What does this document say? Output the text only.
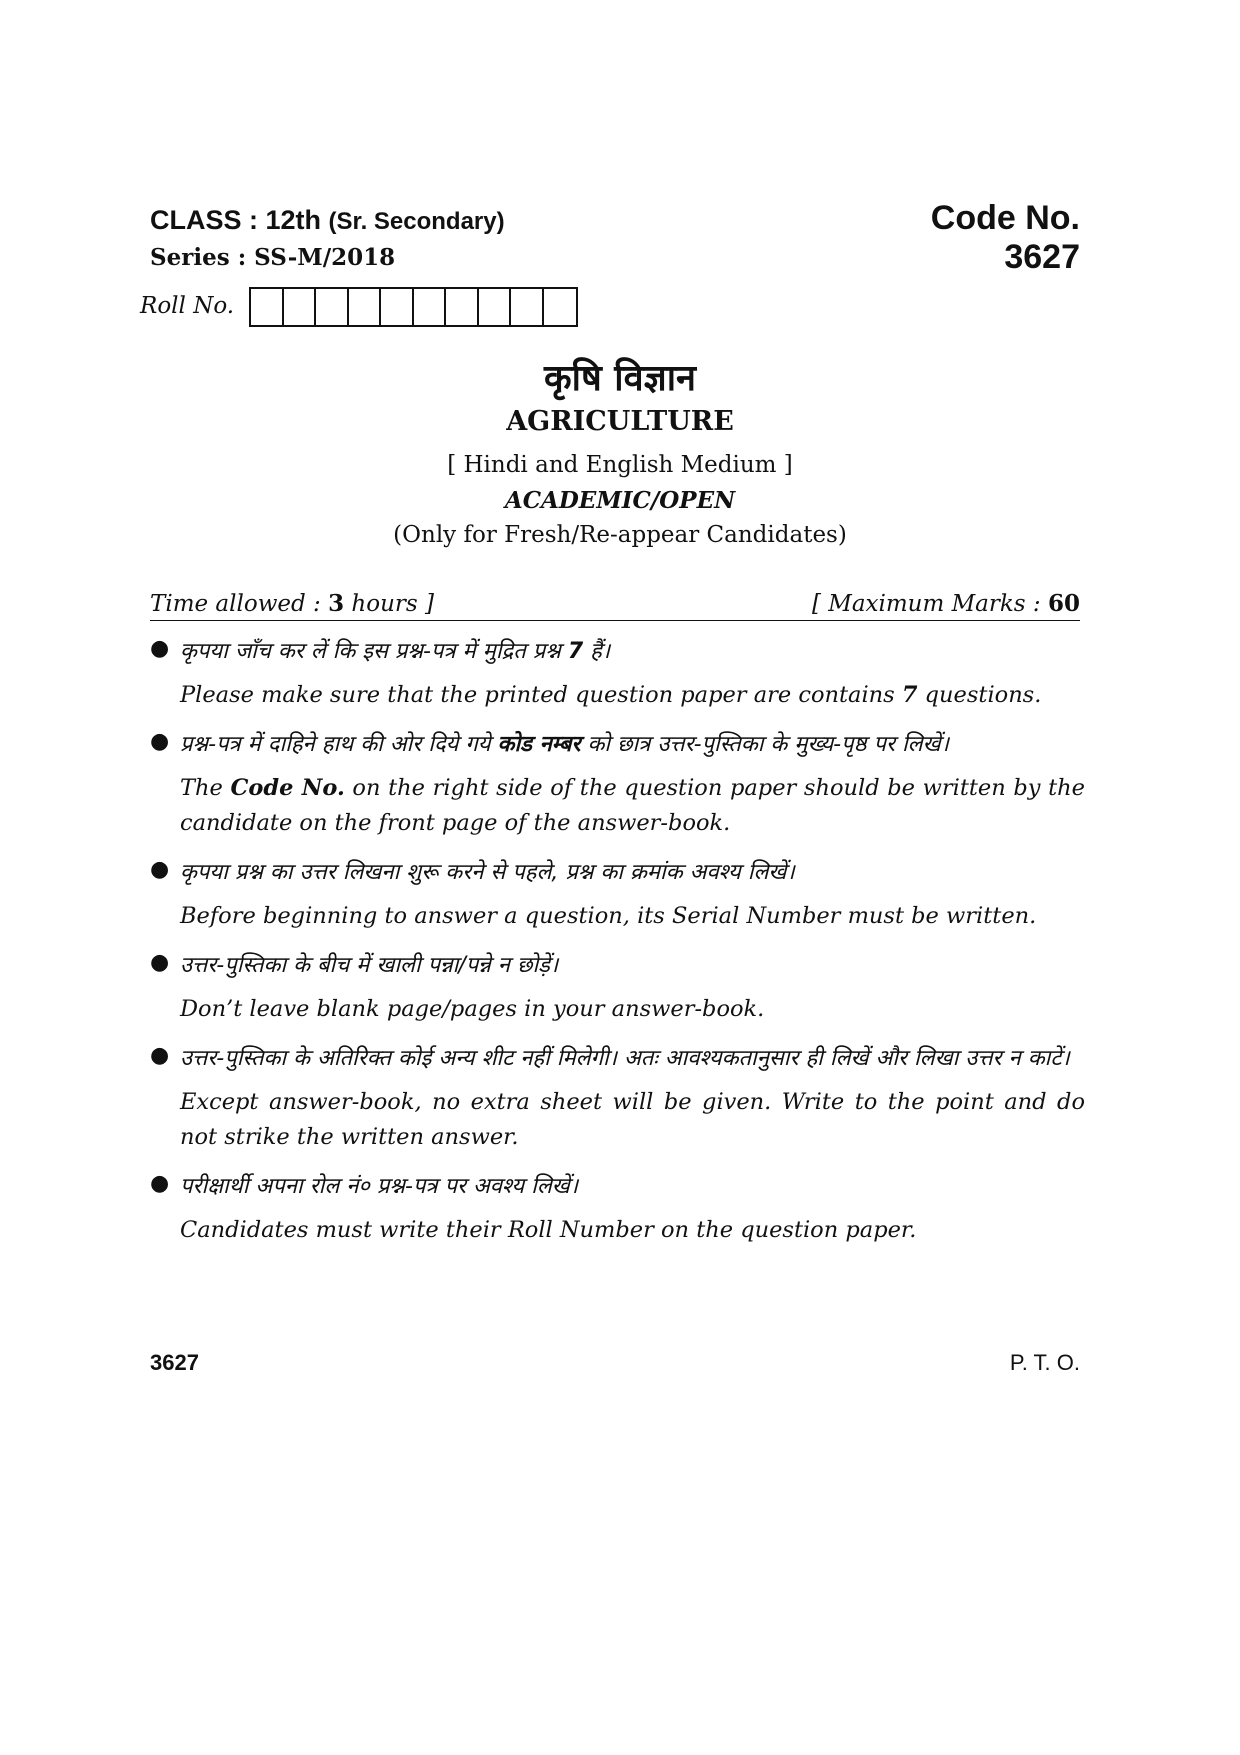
CLASS : 12th (Sr. Secondary)	Code No. 3627
Series : SS-M/2018
Roll No.
कृषि विज्ञान
AGRICULTURE
[ Hindi and English Medium ]
ACADEMIC/OPEN
(Only for Fresh/Re-appear Candidates)
Time allowed : 3 hours ]	[ Maximum Marks : 60
● कृपया जाँच कर लें कि इस प्रश्न-पत्र में मुद्रित प्रश्न 7 हैं।

Please make sure that the printed question paper are contains 7 questions.

● प्रश्न-पत्र में दाहिने हाथ की ओर दिये गये कोड नम्बर को छात्र उत्तर-पुस्तिका के मुख्य-पृष्ठ पर लिखें।

The Code No. on the right side of the question paper should be written by the candidate on the front page of the answer-book.

● कृपया प्रश्न का उत्तर लिखना शुरू करने से पहले, प्रश्न का क्रमांक अवश्य लिखें।

Before beginning to answer a question, its Serial Number must be written.

● उत्तर-पुस्तिका के बीच में खाली पन्ना/पन्ने न छोड़ें।

Don’t leave blank page/pages in your answer-book.

● उत्तर-पुस्तिका के अतिरिक्त कोई अन्य शीट नहीं मिलेगी। अतः आवश्यकतानुसार ही लिखें और लिखा उत्तर न काटें।

Except answer-book, no extra sheet will be given. Write to the point and do not strike the written answer.

● परीक्षार्थी अपना रोल नं० प्रश्न-पत्र पर अवश्य लिखें।

Candidates must write their Roll Number on the question paper.

3627	P. T. O.
